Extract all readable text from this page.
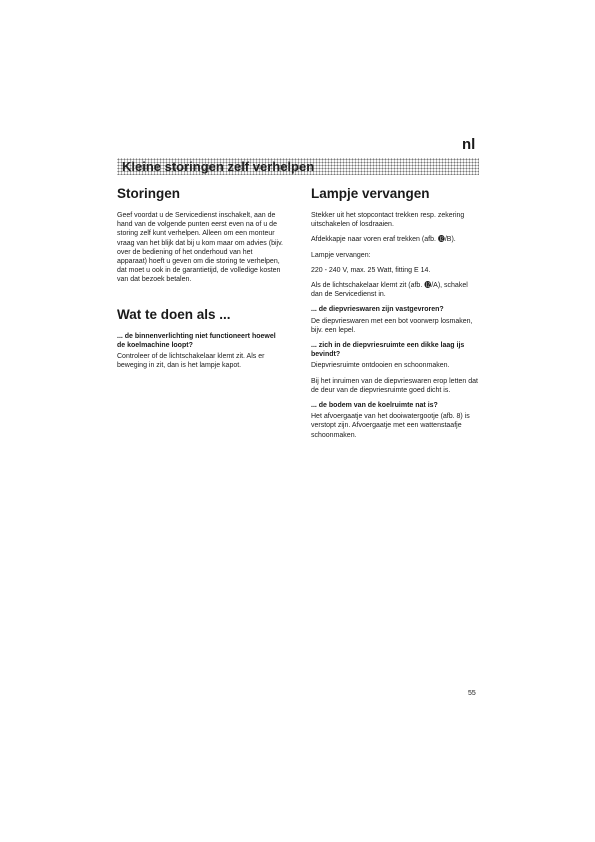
nl
Kleine storingen zelf verhelpen
Storingen

Geef voordat u de Servicedienst inschakelt, aan de hand van de volgende punten eerst even na of u de storing zelf kunt verhelpen. Alleen om een monteur vraag van het blijk dat bij u kom maar om advies (bijv. over de bediening of het onderhoud van het apparaat) hoeft u geven om die storing te verhelpen, dat moet u ook in de garantietijd, de volledige kosten van dat bezoek betalen.

Wat te doen als ...

... de binnenverlichting niet functioneert hoewel de koelmachine loopt?

Controleer of de lichtschakelaar klemt zit. Als er beweging in zit, dan is het lampje kapot.

Lampje vervangen

Stekker uit het stopcontact trekken resp. zekering uitschakelen of losdraaien.

Afdekkapje naar voren eraf trekken (afb. ⓬/B).

Lampje vervangen:

220 - 240 V, max. 25 Watt, fitting E 14.

Als de lichtschakelaar klemt zit (afb. ⓬/A), schakel dan de Servicedienst in.

... de diepvrieswaren zijn vastgevroren?

De diepvrieswaren met een bot voorwerp losmaken, bijv. een lepel.

... zich in de diepvriesruimte een dikke laag ijs bevindt?

Diepvriesruimte ontdooien en schoonmaken.

Bij het inruimen van de diepvrieswaren erop letten dat de deur van de diepvriesruimte goed dicht is.

... de bodem van de koelruimte nat is?

Het afvoergaatje van het dooiwatergootje (afb. 8) is verstopt zijn. Afvoergaatje met een wattenstaafje schoonmaken.

55
